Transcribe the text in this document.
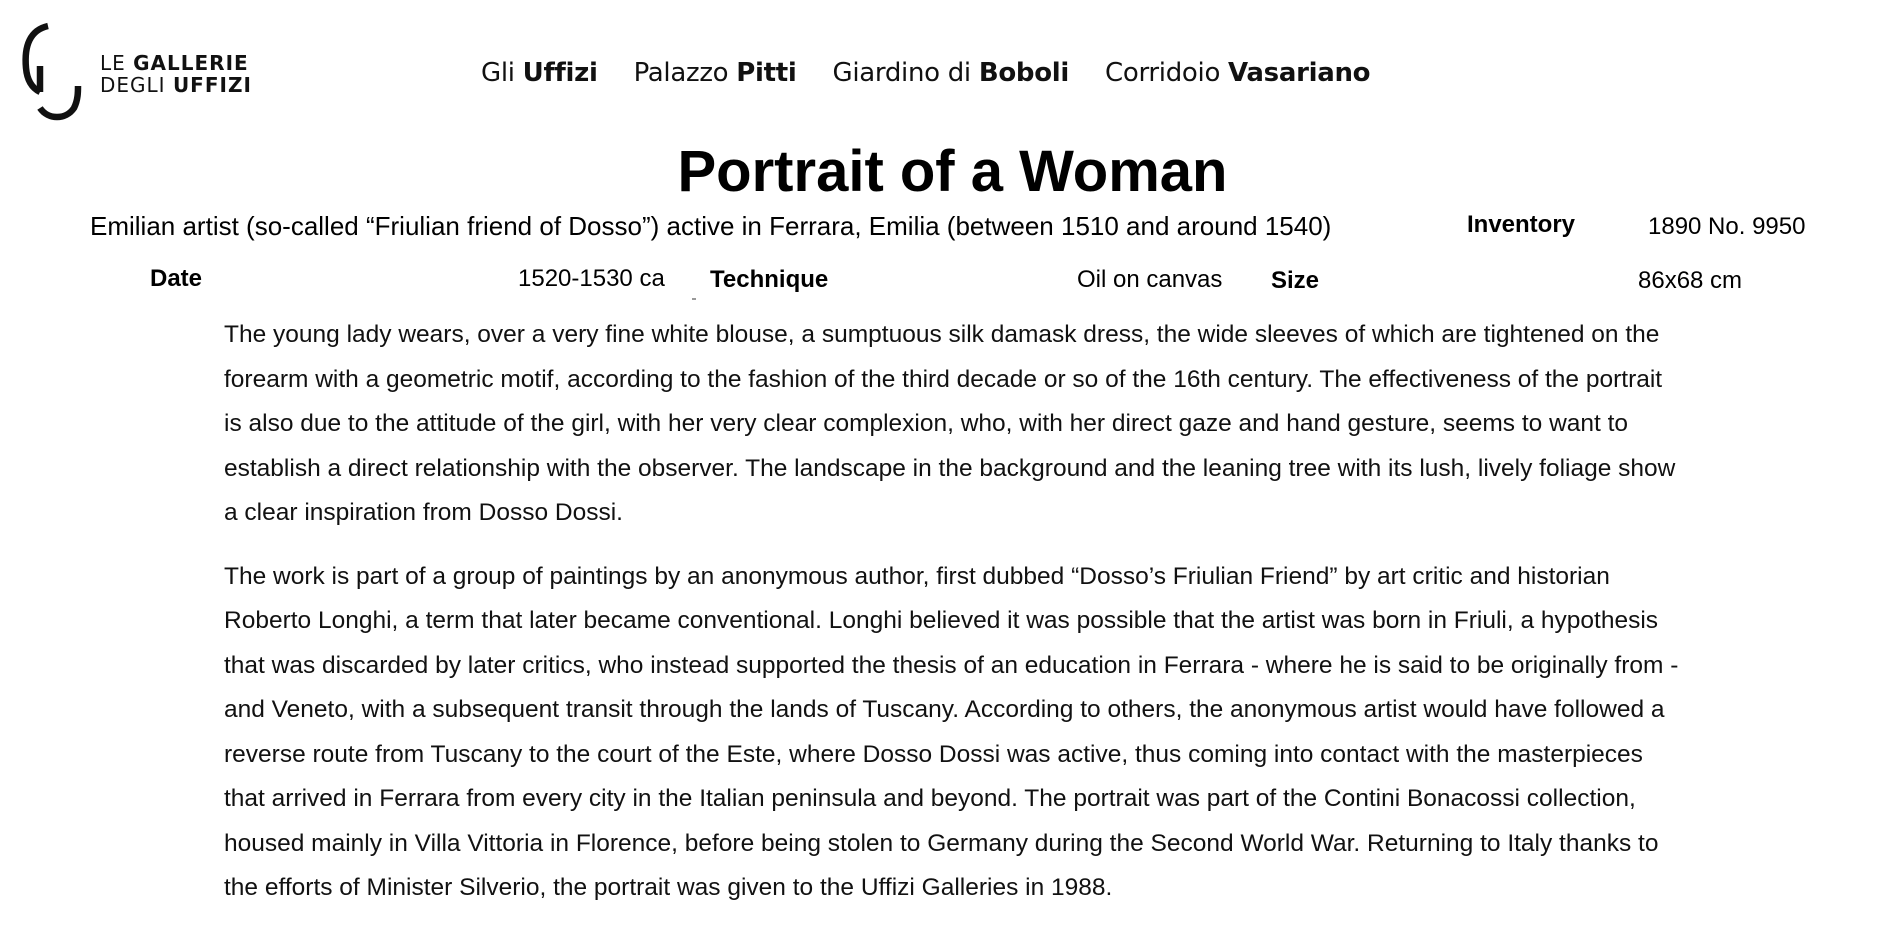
LE GALLERIE
DEGLI UFFIZI	Gli Uffizi Palazzo Pitti Giardino di Boboli Corridoio Vasariano
Portrait of a Woman
Emilian artist (so-called “Friulian friend of Dosso”) active in Ferrara, Emilia (between 1510 and around 1540)	Inventory	1890 No. 9950
Date	1520-1530 ca Technique	Oil on canvas Size	86x68 cm

The young lady wears, over a very fine white blouse, a sumptuous silk damask dress, the wide sleeves of which are tightened on the forearm with a geometric motif, according to the fashion of the third decade or so of the 16th century. The effectiveness of the portrait is also due to the attitude of the girl, with her very clear complexion, who, with her direct gaze and hand gesture, seems to want to establish a direct relationship with the observer. The landscape in the background and the leaning tree with its lush, lively foliage show a clear inspiration from Dosso Dossi.

The work is part of a group of paintings by an anonymous author, first dubbed “Dosso’s Friulian Friend” by art critic and historian Roberto Longhi, a term that later became conventional. Longhi believed it was possible that the artist was born in Friuli, a hypothesis that was discarded by later critics, who instead supported the thesis of an education in Ferrara - where he is said to be originally from - and Veneto, with a subsequent transit through the lands of Tuscany. According to others, the anonymous artist would have followed a reverse route from Tuscany to the court of the Este, where Dosso Dossi was active, thus coming into contact with the masterpieces that arrived in Ferrara from every city in the Italian peninsula and beyond. The portrait was part of the Contini Bonacossi collection, housed mainly in Villa Vittoria in Florence, before being stolen to Germany during the Second World War. Returning to Italy thanks to the efforts of Minister Silverio, the portrait was given to the Uffizi Galleries in 1988.
